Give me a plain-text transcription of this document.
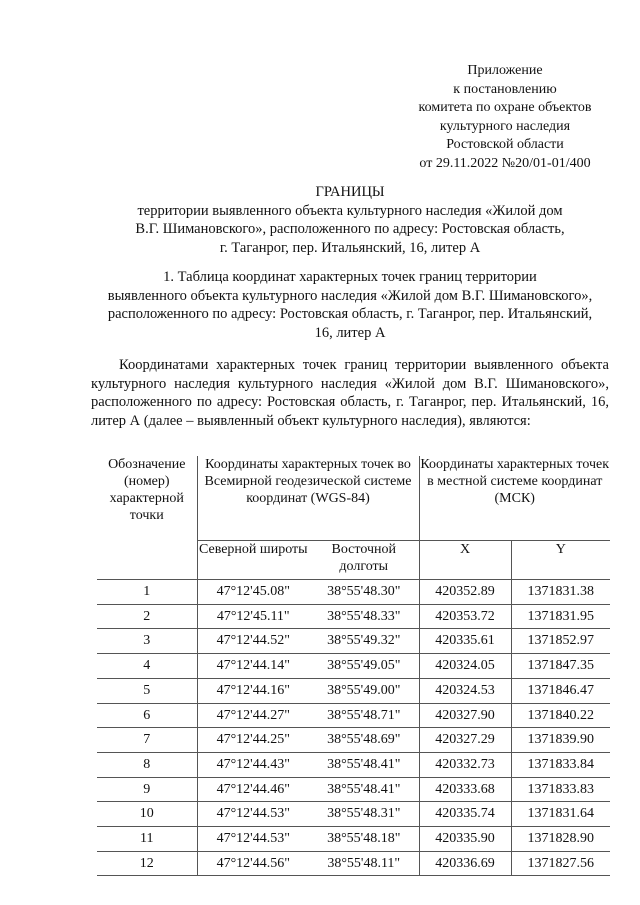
Приложение
к постановлению
комитета по охране объектов
культурного наследия
Ростовской области
от 29.11.2022 №20/01-01/400
ГРАНИЦЫ
территории выявленного объекта культурного наследия «Жилой дом
В.Г. Шимановского», расположенного по адресу: Ростовская область,
г. Таганрог, пер. Итальянский, 16, литер А
1. Таблица координат характерных точек границ территории
выявленного объекта культурного наследия «Жилой дом В.Г. Шимановского»,
расположенного по адресу: Ростовская область, г. Таганрог, пер. Итальянский,
16, литер А
Координатами характерных точек границ территории выявленного объекта
культурного наследия культурного наследия «Жилой дом В.Г. Шимановского»,
расположенного по адресу: Ростовская область, г. Таганрог, пер. Итальянский, 16,
литер А (далее – выявленный объект культурного наследия), являются:
Обозначение (номер) характерной точки	Координаты характерных точек во Всемирной геодезической системе координат (WGS-84)		Координаты характерных точек в местной системе координат (МСК)	
	Северной широты	Восточной долготы	X	Y
1	47°12'45.08"	38°55'48.30"	420352.89	1371831.38
2	47°12'45.11"	38°55'48.33"	420353.72	1371831.95
3	47°12'44.52"	38°55'49.32"	420335.61	1371852.97
4	47°12'44.14"	38°55'49.05"	420324.05	1371847.35
5	47°12'44.16"	38°55'49.00"	420324.53	1371846.47
6	47°12'44.27"	38°55'48.71"	420327.90	1371840.22
7	47°12'44.25"	38°55'48.69"	420327.29	1371839.90
8	47°12'44.43"	38°55'48.41"	420332.73	1371833.84
9	47°12'44.46"	38°55'48.41"	420333.68	1371833.83
10	47°12'44.53"	38°55'48.31"	420335.74	1371831.64
11	47°12'44.53"	38°55'48.18"	420335.90	1371828.90
12	47°12'44.56"	38°55'48.11"	420336.69	1371827.56
